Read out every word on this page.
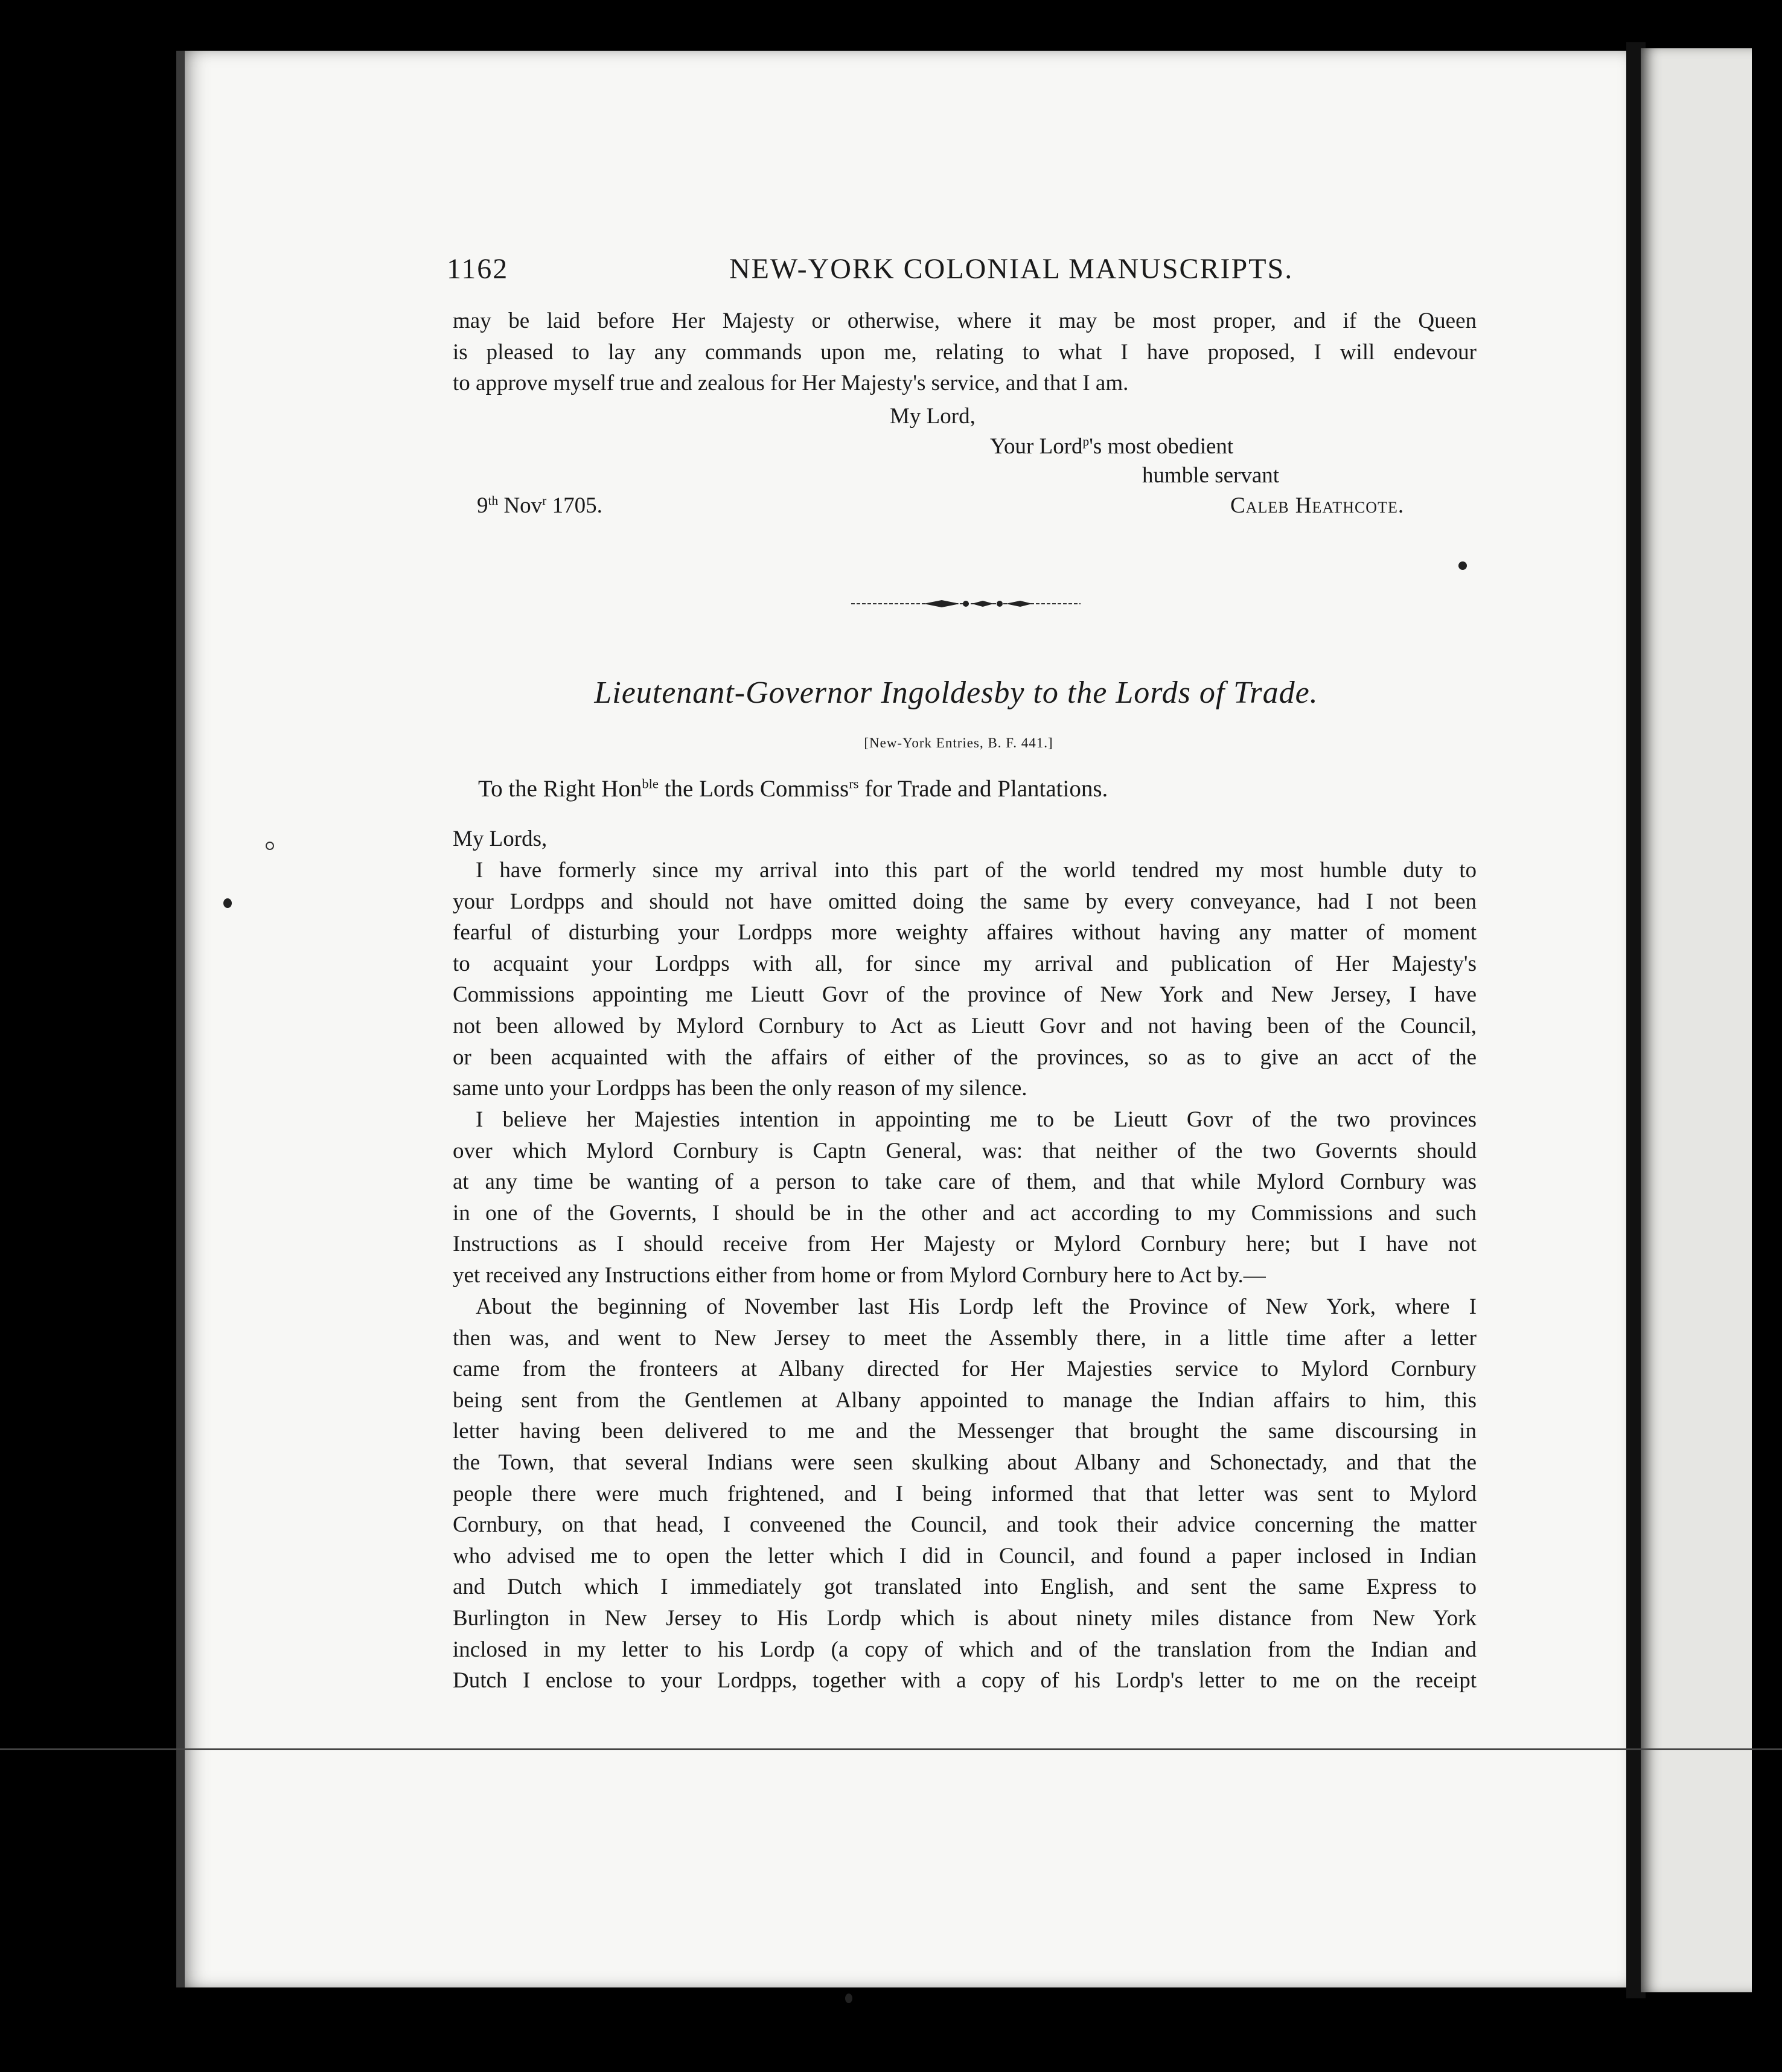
1162	NEW-YORK COLONIAL MANUSCRIPTS.
may be laid before Her Majesty or otherwise, where it may be most proper, and if the Queen
is pleased to lay any commands upon me, relating to what I have proposed, I will endevour
to approve myself true and zealous for Her Majesty's service, and that I am.
My Lord,
Your Lord$^p$'s most obedient
humble servant
9th Nov$^r$ 1705.	Caleb Heathcote.
Lieutenant-Governor Ingoldesby to the Lords of Trade.
[New-York Entries, B. F. 441.]
To the Right Hon$^{ble}$ the Lords Commiss$^{rs}$ for Trade and Plantations.
My Lords,
I have formerly since my arrival into this part of the world tendred my most humble duty to
your Lordpps and should not have omitted doing the same by every conveyance, had I not been
fearful of disturbing your Lordpps more weighty affaires without having any matter of moment
to acquaint your Lordpps with all, for since my arrival and publication of Her Majesty's
Commissions appointing me Lieutt Govr of the province of New York and New Jersey, I have
not been allowed by Mylord Cornbury to Act as Lieutt Govr and not having been of the Council,
or been acquainted with the affairs of either of the provinces, so as to give an acct of the
same unto your Lordpps has been the only reason of my silence.
I believe her Majesties intention in appointing me to be Lieutt Govr of the two provinces
over which Mylord Cornbury is Captn General, was: that neither of the two Governts should
at any time be wanting of a person to take care of them, and that while Mylord Cornbury was
in one of the Governts, I should be in the other and act according to my Commissions and such
Instructions as I should receive from Her Majesty or Mylord Cornbury here; but I have not
yet received any Instructions either from home or from Mylord Cornbury here to Act by.—
About the beginning of November last His Lordp left the Province of New York, where I
then was, and went to New Jersey to meet the Assembly there, in a little time after a letter
came from the fronteers at Albany directed for Her Majesties service to Mylord Cornbury
being sent from the Gentlemen at Albany appointed to manage the Indian affairs to him, this
letter having been delivered to me and the Messenger that brought the same discoursing in
the Town, that several Indians were seen skulking about Albany and Schonectady, and that the
people there were much frightened, and I being informed that that letter was sent to Mylord
Cornbury, on that head, I conveened the Council, and took their advice concerning the matter
who advised me to open the letter which I did in Council, and found a paper inclosed in Indian
and Dutch which I immediately got translated into English, and sent the same Express to
Burlington in New Jersey to His Lordp which is about ninety miles distance from New York
inclosed in my letter to his Lordp (a copy of which and of the translation from the Indian and
Dutch I enclose to your Lordpps, together with a copy of his Lordp's letter to me on the receipt
